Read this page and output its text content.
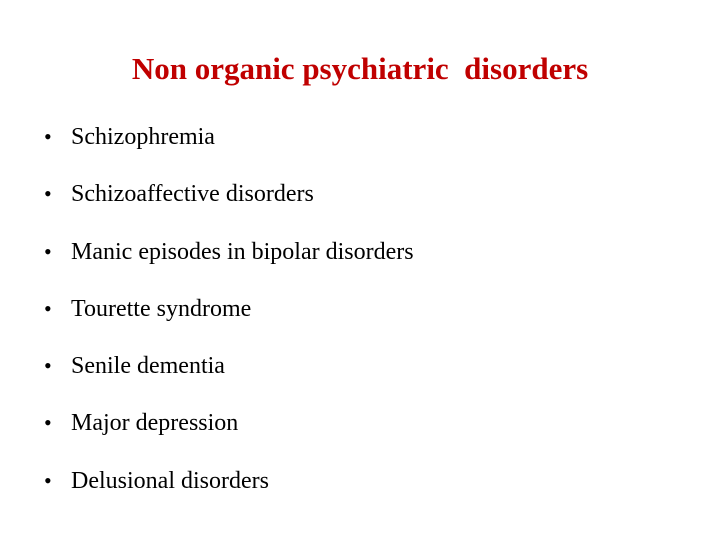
Non organic psychiatric  disorders
• Schizophremia
• Schizoaffective disorders
• Manic episodes in bipolar disorders
• Tourette syndrome
• Senile dementia
• Major depression
• Delusional disorders
